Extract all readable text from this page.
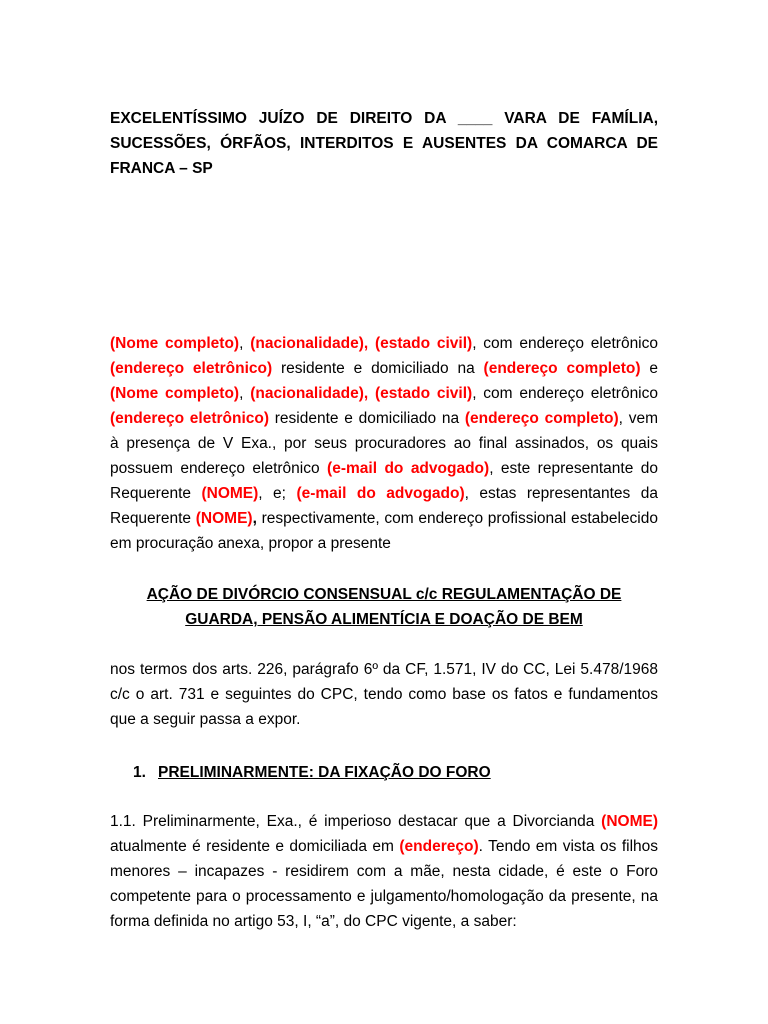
EXCELENTÍSSIMO JUÍZO DE DIREITO DA ____ VARA DE FAMÍLIA, SUCESSÕES, ÓRFÃOS, INTERDITOS E AUSENTES DA COMARCA DE FRANCA – SP

(Nome completo), (nacionalidade), (estado civil), com endereço eletrônico (endereço eletrônico) residente e domiciliado na (endereço completo) e (Nome completo), (nacionalidade), (estado civil), com endereço eletrônico (endereço eletrônico) residente e domiciliado na (endereço completo), vem à presença de V Exa., por seus procuradores ao final assinados, os quais possuem endereço eletrônico (e-mail do advogado), este representante do Requerente (NOME), e; (e-mail do advogado), estas representantes da Requerente (NOME), respectivamente, com endereço profissional estabelecido em procuração anexa, propor a presente

AÇÃO DE DIVÓRCIO CONSENSUAL c/c REGULAMENTAÇÃO DE
GUARDA, PENSÃO ALIMENTÍCIA E DOAÇÃO DE BEM

nos termos dos arts. 226, parágrafo 6º da CF, 1.571, IV do CC, Lei 5.478/1968 c/c o art. 731 e seguintes do CPC, tendo como base os fatos e fundamentos que a seguir passa a expor.

1. PRELIMINARMENTE: DA FIXAÇÃO DO FORO

1.1. Preliminarmente, Exa., é imperioso destacar que a Divorcianda (NOME) atualmente é residente e domiciliada em (endereço). Tendo em vista os filhos menores – incapazes - residirem com a mãe, nesta cidade, é este o Foro competente para o processamento e julgamento/homologação da presente, na forma definida no artigo 53, I, “a”, do CPC vigente, a saber:
